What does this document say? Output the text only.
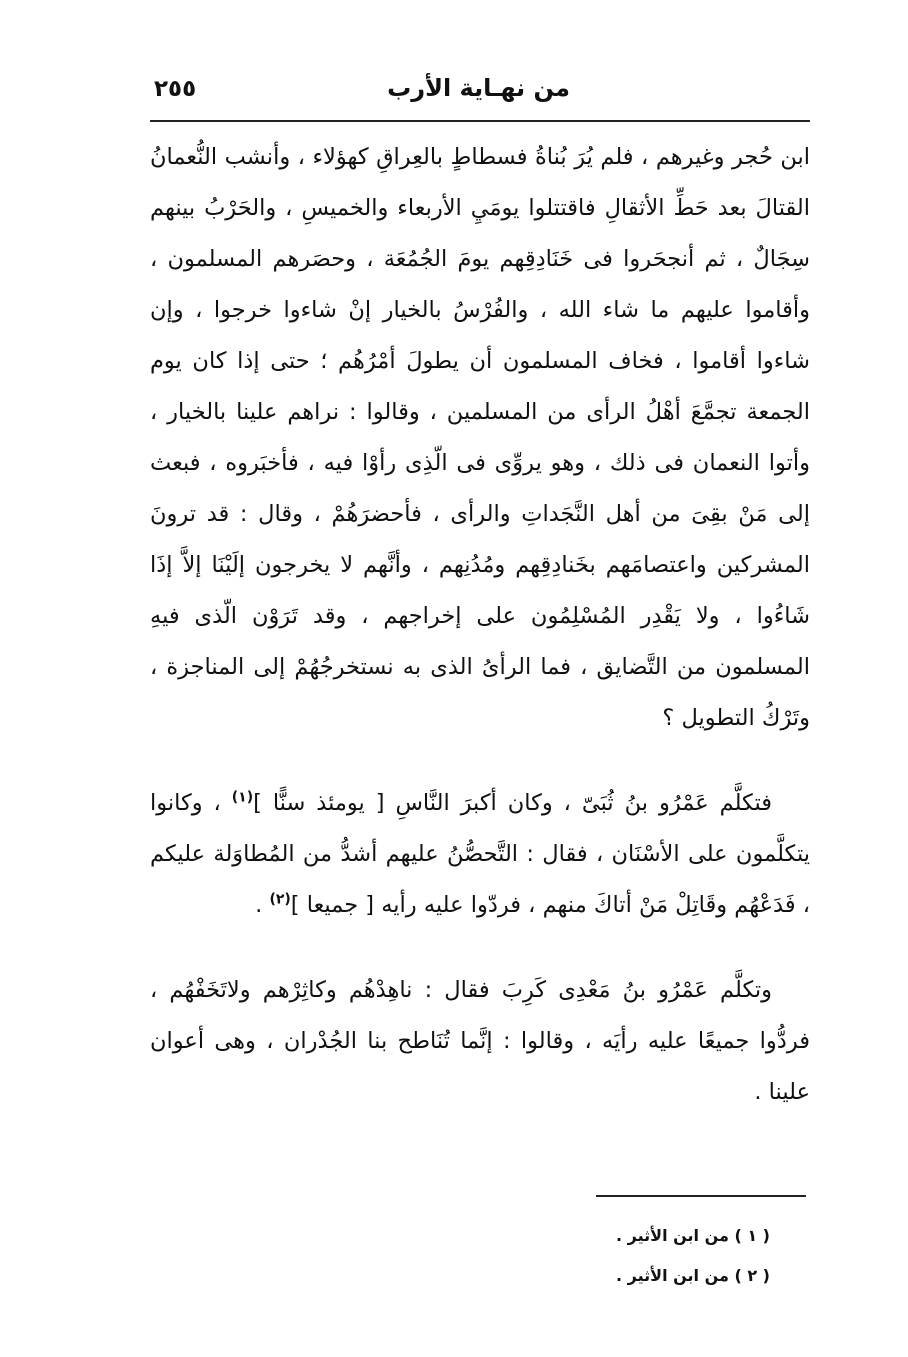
٢٥٥	من نهـاية الأرب

ابن حُجر وغيرهم ، فلم يُرَ بُناةُ فسطاطٍ بالعِراقِ كهؤلاء ، وأنشب النُّعمانُ القتالَ بعد حَطِّ الأثقالِ فاقتتلوا يومَيِ الأربعاء والخميسِ ، والحَرْبُ بينهم سِجَالٌ ، ثم أنجحَروا فى خَنَادِقِهم يومَ الجُمُعَة ، وحصَرهم المسلمون ، وأقاموا عليهم ما شاء الله ، والفُرْسُ بالخيار إنْ شاءوا خرجوا ، وإن شاءوا أقاموا ، فخاف المسلمون أن يطولَ أمْرُهُم ؛ حتى إذا كان يوم الجمعة تجمَّعَ أهْلُ الرأى من المسلمين ، وقالوا : نراهم علينا بالخيار ، وأتوا النعمان فى ذلك ، وهو يروِّى فى الّذِى رأوْا فيه ، فأخبَروه ، فبعث إلى مَنْ بقِىَ من أهل النَّجَداتِ والرأى ، فأحضرَهُمْ ، وقال : قد ترونَ المشركين واعتصامَهم بخَنادِقِهم ومُدُنِهم ، وأنَّهم لا يخرجون إلَيْنَا إلاَّ إذَا شَاءُوا ، ولا يَقْدِر المُسْلِمُون على إخراجهم ، وقد تَرَوْن الّذى فيهِ المسلمون من التَّضايق ، فما الرأىُ الذى به نستخرجُهُمْ إلى المناجزة ، وتَرْكُ التطويل ؟

فتكلَّم عَمْرُو بنُ ثُبَىّ ، وكان أكبرَ النَّاسِ [ يومئذ سنًّا ]$^{(١)}$ ، وكانوا يتكلَّمون على الأسْنَان ، فقال : التَّحصُّنُ عليهم أشدُّ من المُطاوَلة عليكم ، فَدَعْهُم وقَاتِلْ مَنْ أتاكَ منهم ، فردّوا عليه رأيه [ جميعا ]$^{(٢)}$ .

وتكلَّم عَمْرُو بنُ مَعْدِى كَرِبَ فقال : ناهِدْهُم وكاثِرْهم ولاتَخَفْهُم ، فردُّوا جميعًا عليه رأيَه ، وقالوا : إنَّما تُنَاطح بنا الجُدْران ، وهى أعوان علينا .

( ١ ) من ابن الأثير .

( ٢ ) من ابن الأثير .
